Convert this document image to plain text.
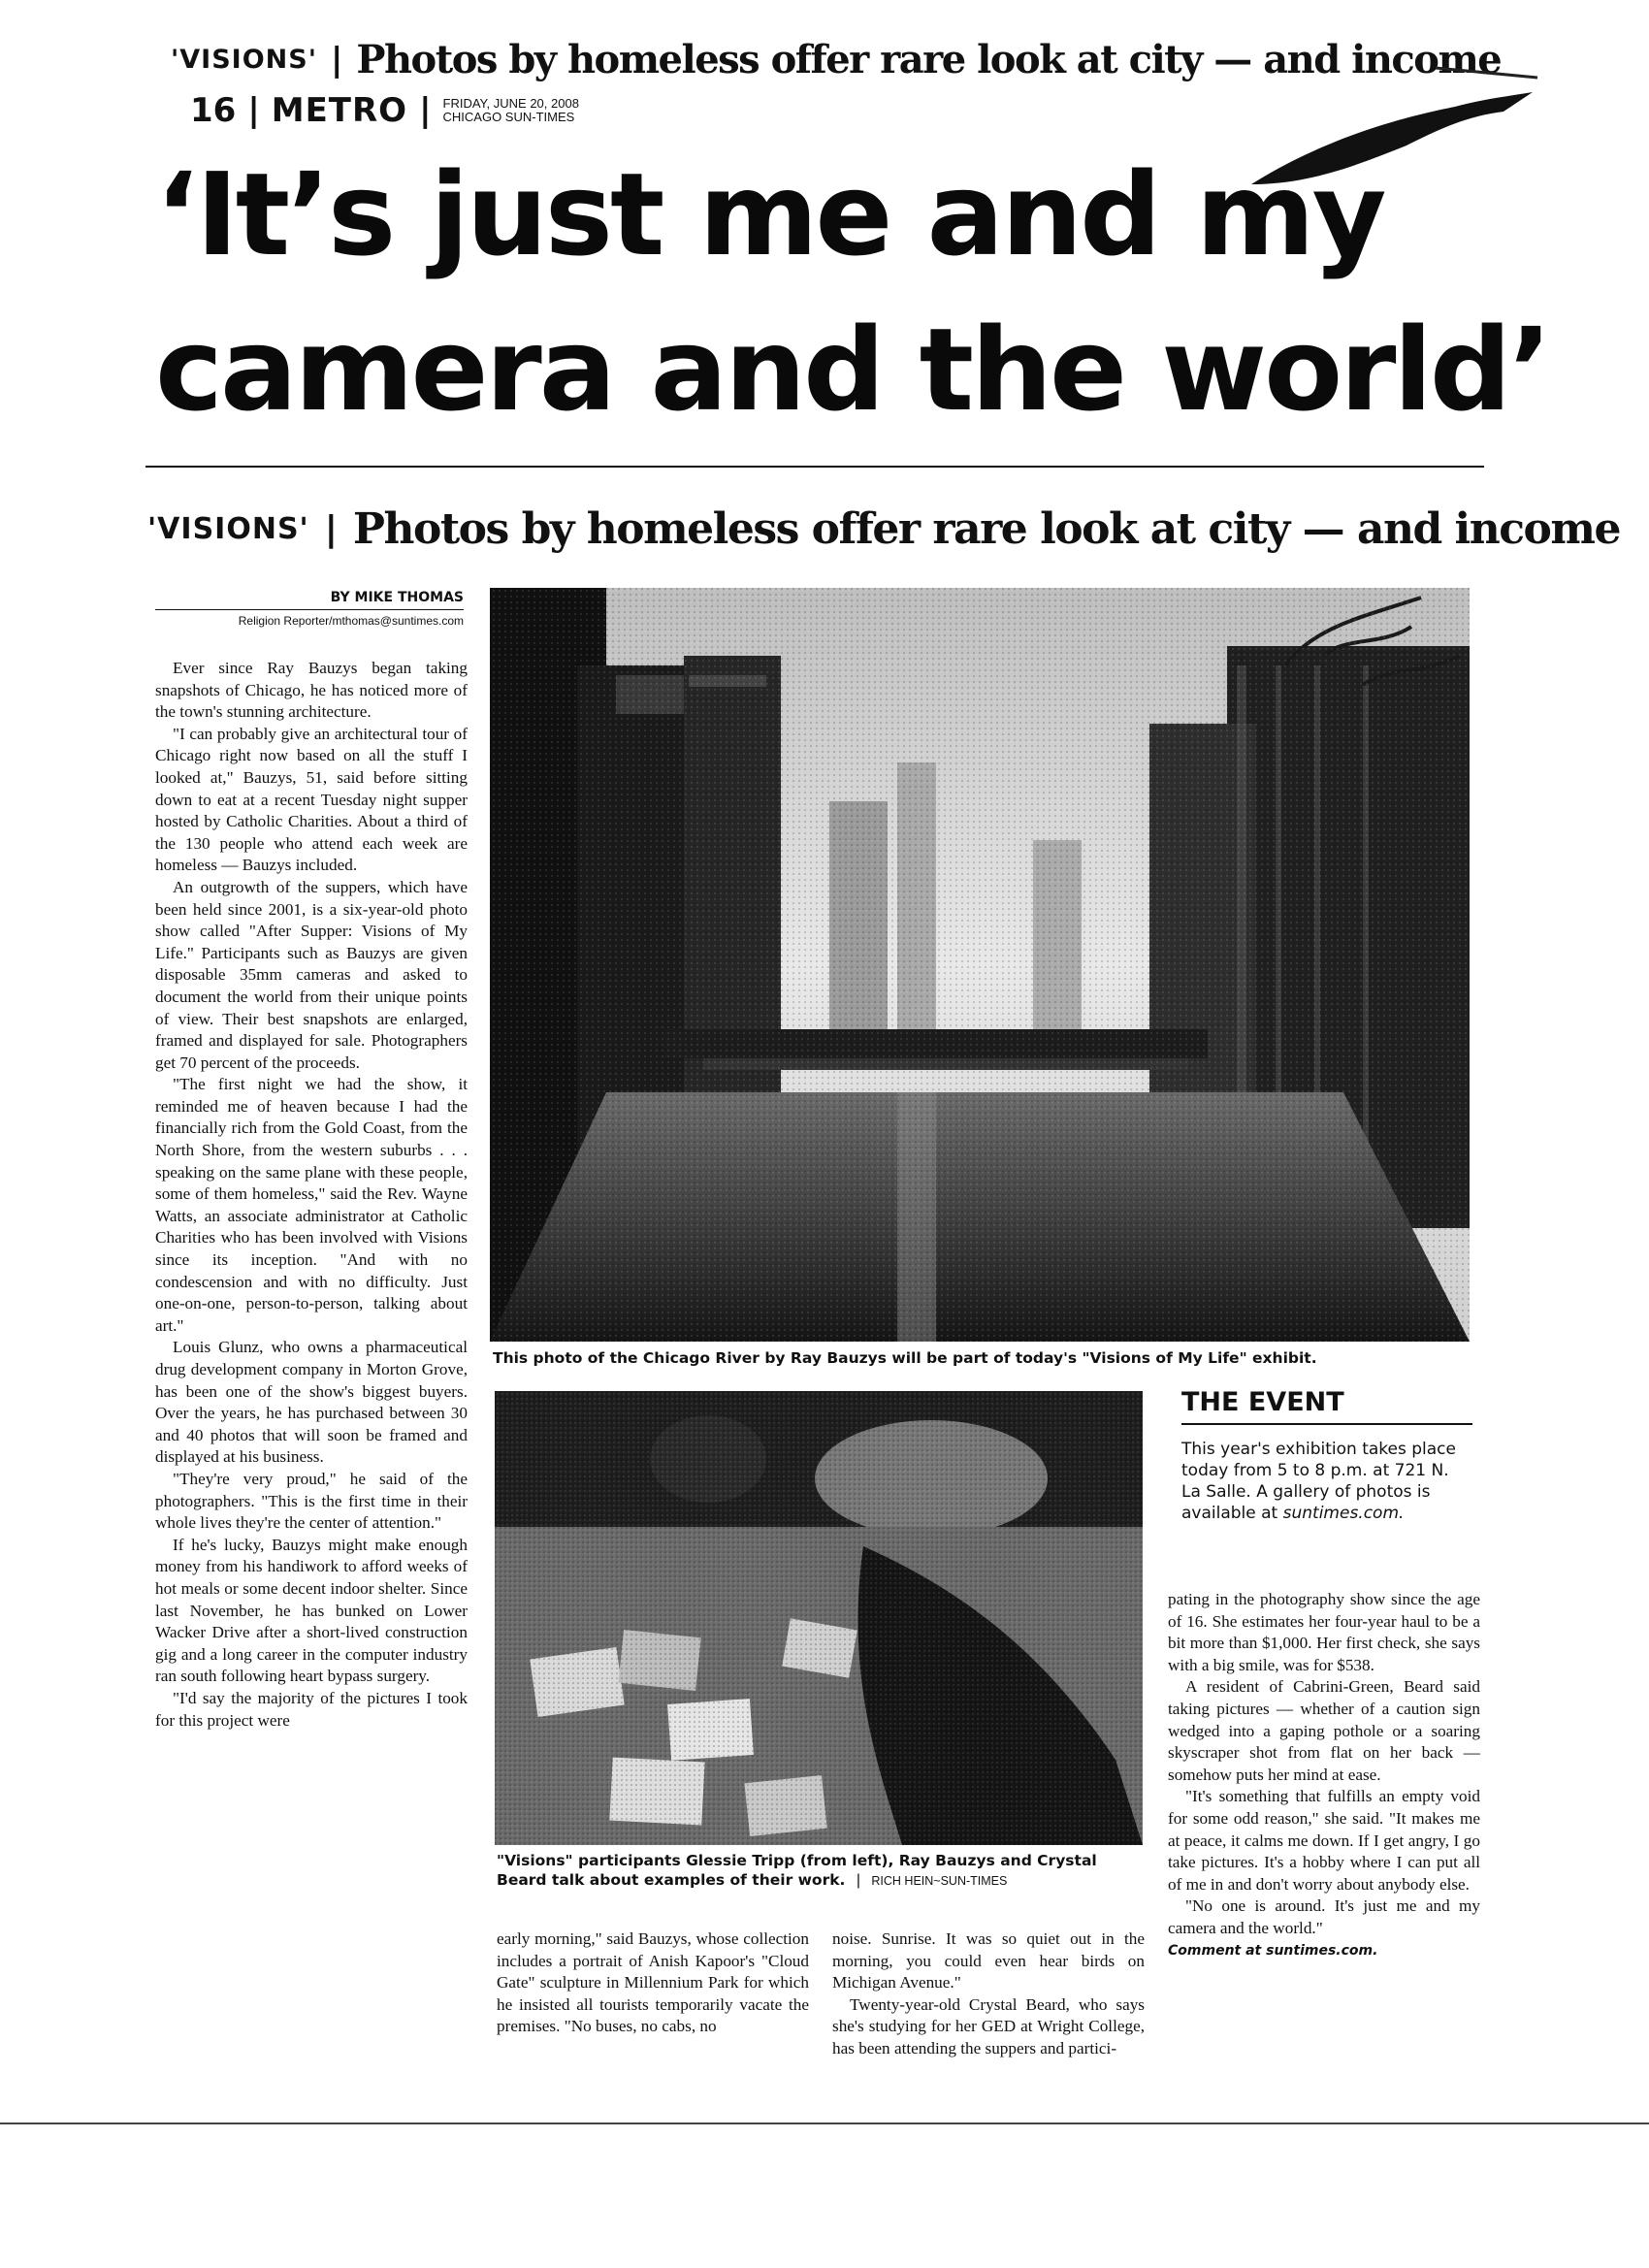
'VISIONS' | Photos by homeless offer rare look at city — and income
16 | METRO | FRIDAY, JUNE 20, 2008
CHICAGO SUN-TIMES
‘It’s just me and my
camera and the world’
'VISIONS' | Photos by homeless offer rare look at city — and income
BY MIKE THOMAS
Religion Reporter/mthomas@suntimes.com

Ever since Ray Bauzys began taking snapshots of Chicago, he has noticed more of the town's stunning architecture.

"I can probably give an architectural tour of Chicago right now based on all the stuff I looked at," Bauzys, 51, said before sitting down to eat at a recent Tuesday night supper hosted by Catholic Charities. About a third of the 130 people who attend each week are homeless — Bauzys included.

An outgrowth of the suppers, which have been held since 2001, is a six-year-old photo show called "After Supper: Visions of My Life." Participants such as Bauzys are given disposable 35mm cameras and asked to document the world from their unique points of view. Their best snapshots are enlarged, framed and displayed for sale. Photographers get 70 percent of the proceeds.

"The first night we had the show, it reminded me of heaven because I had the financially rich from the Gold Coast, from the North Shore, from the western suburbs . . . speaking on the same plane with these people, some of them homeless," said the Rev. Wayne Watts, an associate administrator at Catholic Charities who has been involved with Visions since its inception. "And with no condescension and with no difficulty. Just one-on-one, person-to-person, talking about art."

Louis Glunz, who owns a pharmaceutical drug development company in Morton Grove, has been one of the show's biggest buyers. Over the years, he has purchased between 30 and 40 photos that will soon be framed and displayed at his business.

"They're very proud," he said of the photographers. "This is the first time in their whole lives they're the center of attention."

If he's lucky, Bauzys might make enough money from his handiwork to afford weeks of hot meals or some decent indoor shelter. Since last November, he has bunked on Lower Wacker Drive after a short-lived construction gig and a long career in the computer industry ran south following heart bypass surgery.

"I'd say the majority of the pictures I took for this project were

This photo of the Chicago River by Ray Bauzys will be part of today's "Visions of My Life" exhibit.
"Visions" participants Glessie Tripp (from left), Ray Bauzys and Crystal Beard talk about examples of their work. | RICH HEIN~SUN-TIMES
THE EVENT
This year's exhibition takes place today from 5 to 8 p.m. at 721 N. La Salle. A gallery of photos is available at suntimes.com.

early morning," said Bauzys, whose collection includes a portrait of Anish Kapoor's "Cloud Gate" sculpture in Millennium Park for which he insisted all tourists temporarily vacate the premises. "No buses, no cabs, no

noise. Sunrise. It was so quiet out in the morning, you could even hear birds on Michigan Avenue."

Twenty-year-old Crystal Beard, who says she's studying for her GED at Wright College, has been attending the suppers and partici-

pating in the photography show since the age of 16. She estimates her four-year haul to be a bit more than $1,000. Her first check, she says with a big smile, was for $538.

A resident of Cabrini-Green, Beard said taking pictures — whether of a caution sign wedged into a gaping pothole or a soaring skyscraper shot from flat on her back — somehow puts her mind at ease.

"It's something that fulfills an empty void for some odd reason," she said. "It makes me at peace, it calms me down. If I get angry, I go take pictures. It's a hobby where I can put all of me in and don't worry about anybody else.

"No one is around. It's just me and my camera and the world."

Comment at suntimes.com.
